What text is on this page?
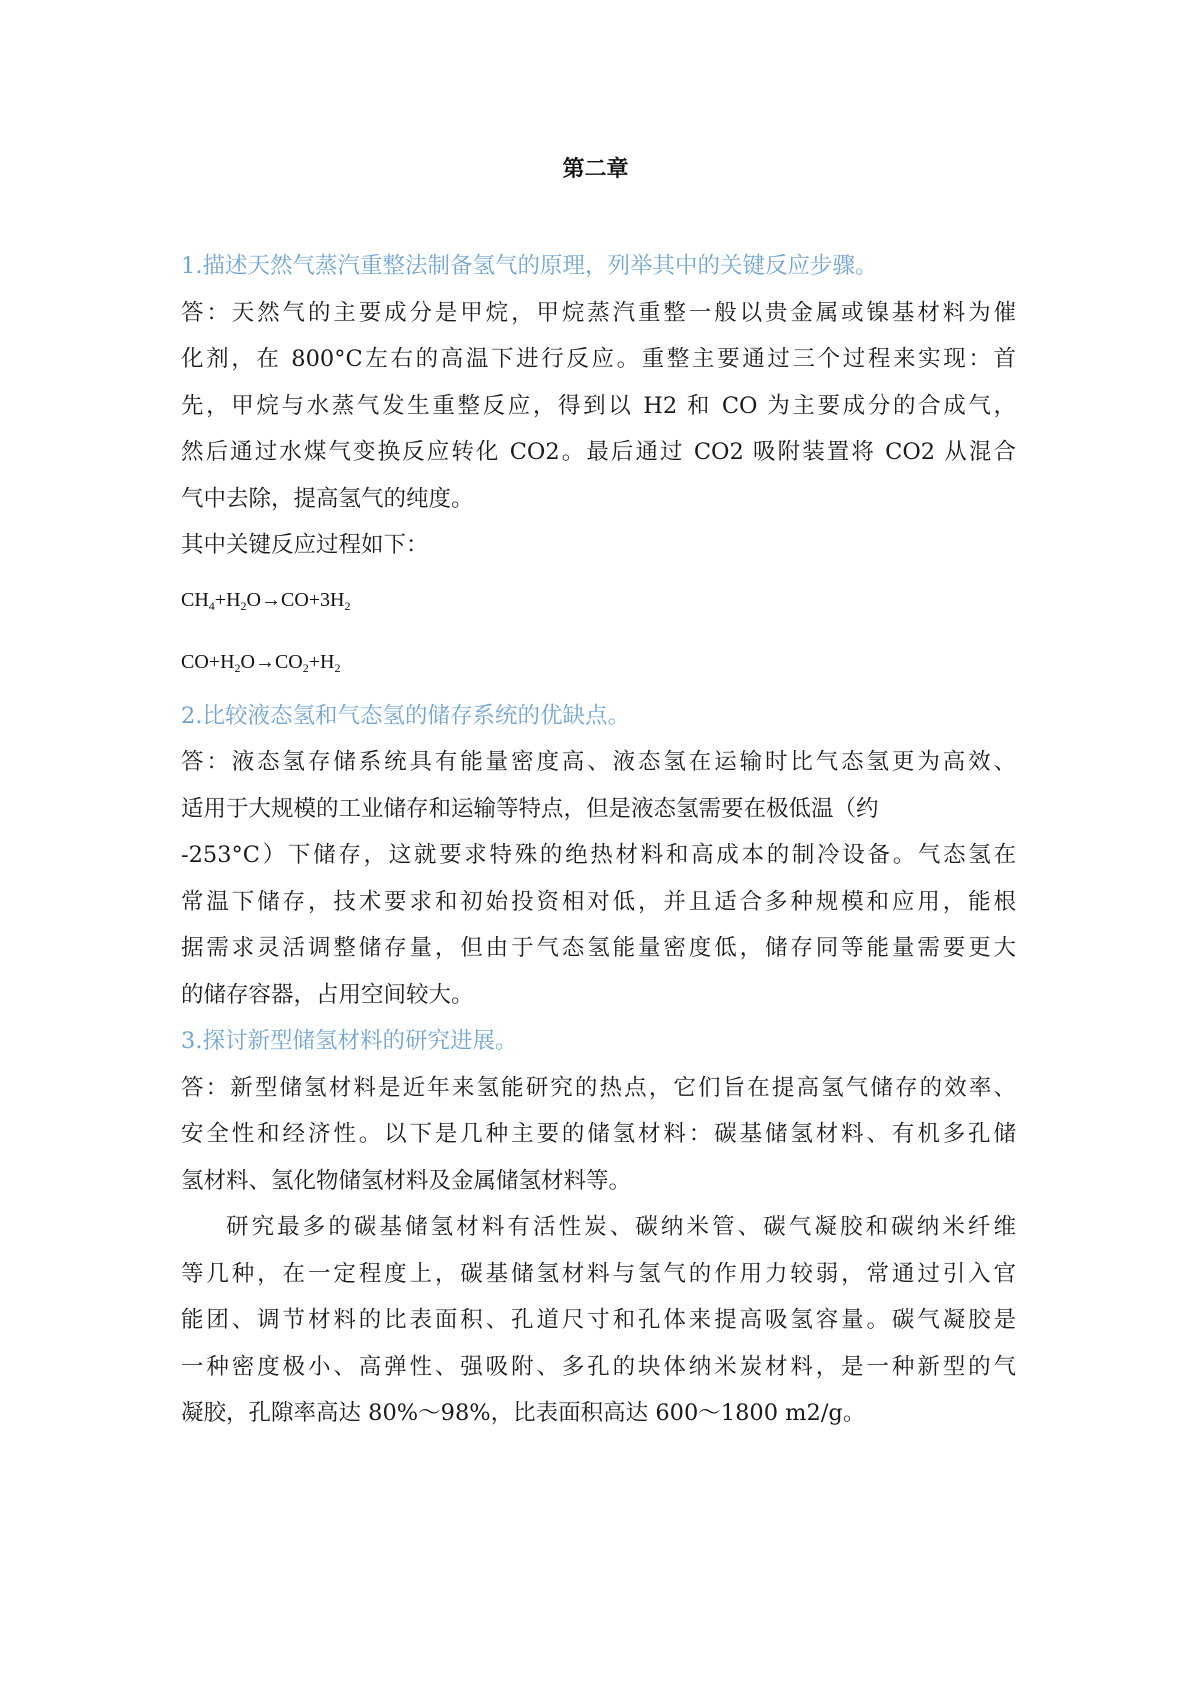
第二章
1.描述天然气蒸汽重整法制备氢气的原理，列举其中的关键反应步骤。
答：天然气的主要成分是甲烷，甲烷蒸汽重整一般以贵金属或镍基材料为催
化剂，在 800°C左右的高温下进行反应。重整主要通过三个过程来实现：首
先，甲烷与水蒸气发生重整反应，得到以 H2 和 CO 为主要成分的合成气，
然后通过水煤气变换反应转化 CO2。最后通过 CO2 吸附装置将 CO2 从混合
气中去除，提高氢气的纯度。
其中关键反应过程如下：
$CH_4+H_2O\to CO+3H_2$
$CO+H_2O\to CO_2+H_2$
2.比较液态氢和气态氢的储存系统的优缺点。
答：液态氢存储系统具有能量密度高、液态氢在运输时比气态氢更为高效、
适用于大规模的工业储存和运输等特点，但是液态氢需要在极低温（约
-253°C）下储存，这就要求特殊的绝热材料和高成本的制冷设备。气态氢在
常温下储存，技术要求和初始投资相对低，并且适合多种规模和应用，能根
据需求灵活调整储存量，但由于气态氢能量密度低，储存同等能量需要更大
的储存容器，占用空间较大。
3.探讨新型储氢材料的研究进展。
答：新型储氢材料是近年来氢能研究的热点，它们旨在提高氢气储存的效率、
安全性和经济性。以下是几种主要的储氢材料：碳基储氢材料、有机多孔储
氢材料、氢化物储氢材料及金属储氢材料等。
研究最多的碳基储氢材料有活性炭、碳纳米管、碳气凝胶和碳纳米纤维
等几种，在一定程度上，碳基储氢材料与氢气的作用力较弱，常通过引入官
能团、调节材料的比表面积、孔道尺寸和孔体来提高吸氢容量。碳气凝胶是
一种密度极小、高弹性、强吸附、多孔的块体纳米炭材料，是一种新型的气
凝胶，孔隙率高达 80%～98%，比表面积高达 600～1800 m2/g。
